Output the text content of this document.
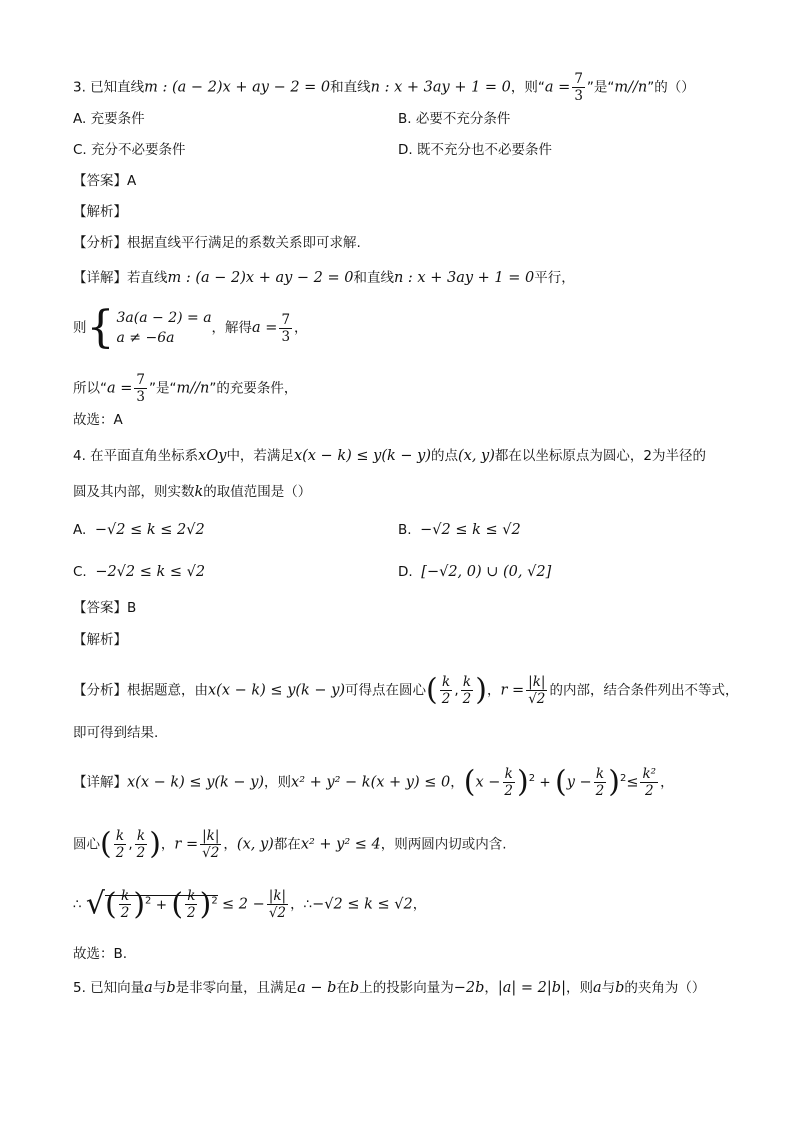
3. 已知直线m : (a − 2)x + ay − 2 = 0和直线n : x + 3ay + 1 = 0，则“$a = \frac{7}{3}$ ”是“m//n”的（）
A. 充要条件	B. 必要不充分条件
C. 充分不必要条件	D. 既不充分也不必要条件
【答案】A
【解析】
【分析】根据直线平行满足的系数关系即可求解.
【详解】若直线m : (a − 2)x + ay − 2 = 0和直线n : x + 3ay + 1 = 0平行，
则 { 3a(a − 2) = a
a ≠ −6a
，解得$a = \frac{7}{3}$ ，
所以“$a = \frac{7}{3}$ ”是“m//n”的充要条件，
故选：A
4. 在平面直角坐标系xOy中，若满足x(x − k) ≤ y(k − y)的点(x, y)都在以坐标原点为圆心，2为半径的
圆及其内部，则实数k的取值范围是（）
A. −√2 ≤ k ≤ 2√2	B. −√2 ≤ k ≤ √2
C. −2√2 ≤ k ≤ √2	D. [−√2, 0) ∪ (0, √2]
【答案】B
【解析】
【分析】根据题意，由x(x − k) ≤ y(k − y)可得点在圆心( $\frac{k}{2}$ , $\frac{k}{2}$ )，$r = \frac{|k|}{√2}$ 的内部，结合条件列出不等式，
即可得到结果.
【详解】x(x − k) ≤ y(k − y)，则x² + y² − k(x + y) ≤ 0，$(x - \frac{k}{2} )^2 + (y - \frac{k}{2} )^2\le \frac{\text{k²}}{2}$ ，
圆心( $\frac{k}{2}$ , $\frac{k}{2}$ )，$r = \frac{|k|}{√2}$ ，(x, y)都在x² + y² ≤ 4，则两圆内切或内含.
∴ √( $\frac{k}{2} )^2$ + ( $\frac{k}{2} )^2 \le 2 - \frac{|k|}{√2}$ ，∴−√2 ≤ k ≤ √2，
故选：B.
5. 已知向量a与b是非零向量，且满足a − b在b上的投影向量为−2b，|a| = 2|b|，则a与b的夹角为（）
